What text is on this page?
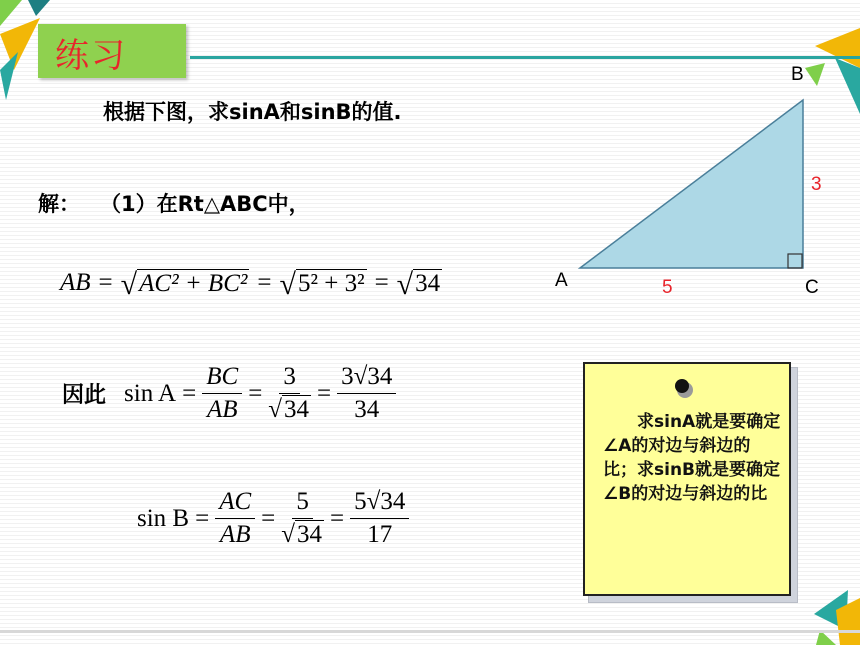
练习
根据下图，求sinA和sinB的值.
B
A	C
3
5
解： （1）在Rt△ABC中，
AB = √ AC² + BC² = √ 5² + 3² = √ 34
因此 $\sin A = \frac{BC}{AB} = \frac{3}{√34} = \frac{3√34}{34}$
$\sin B = \frac{AC}{AB} = \frac{5}{√34} = \frac{5√34}{17}$
求sinA就是要确定∠A的对边与斜边的比；求sinB就是要确定∠B的对边与斜边的比
